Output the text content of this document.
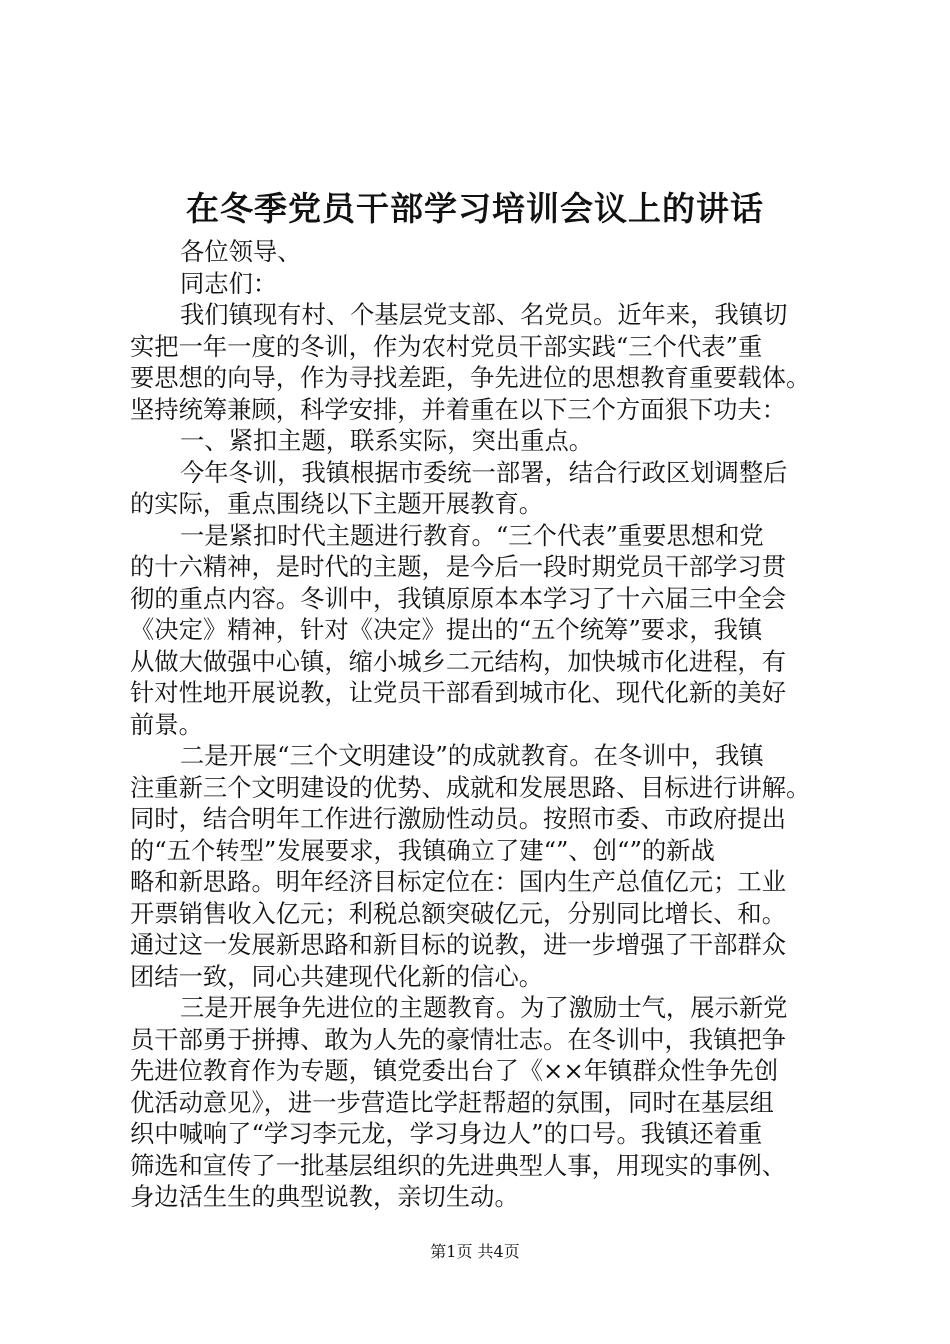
在冬季党员干部学习培训会议上的讲话

各位领导、

同志们：

我们镇现有村、个基层党支部、名党员。近年来，我镇切

实把一年一度的冬训，作为农村党员干部实践“三个代表”重

要思想的向导，作为寻找差距，争先进位的思想教育重要载体。

坚持统筹兼顾，科学安排，并着重在以下三个方面狠下功夫：

一、紧扣主题，联系实际，突出重点。

今年冬训，我镇根据市委统一部署，结合行政区划调整后

的实际，重点围绕以下主题开展教育。

一是紧扣时代主题进行教育。“三个代表”重要思想和党

的十六精神，是时代的主题，是今后一段时期党员干部学习贯

彻的重点内容。冬训中，我镇原原本本学习了十六届三中全会

《决定》精神，针对《决定》提出的“五个统筹”要求，我镇

从做大做强中心镇，缩小城乡二元结构，加快城市化进程，有

针对性地开展说教，让党员干部看到城市化、现代化新的美好

前景。

二是开展“三个文明建设”的成就教育。在冬训中，我镇

注重新三个文明建设的优势、成就和发展思路、目标进行讲解。

同时，结合明年工作进行激励性动员。按照市委、市政府提出

的“五个转型”发展要求，我镇确立了建“”、创“”的新战

略和新思路。明年经济目标定位在：国内生产总值亿元；工业

开票销售收入亿元；利税总额突破亿元，分别同比增长、和。

通过这一发展新思路和新目标的说教，进一步增强了干部群众

团结一致，同心共建现代化新的信心。

三是开展争先进位的主题教育。为了激励士气，展示新党

员干部勇于拼搏、敢为人先的豪情壮志。在冬训中，我镇把争

先进位教育作为专题，镇党委出台了《××年镇群众性争先创

优活动意见》，进一步营造比学赶帮超的氛围，同时在基层组

织中喊响了“学习李元龙，学习身边人”的口号。我镇还着重

筛选和宣传了一批基层组织的先进典型人事，用现实的事例、

身边活生生的典型说教，亲切生动。

第1页 共4页
